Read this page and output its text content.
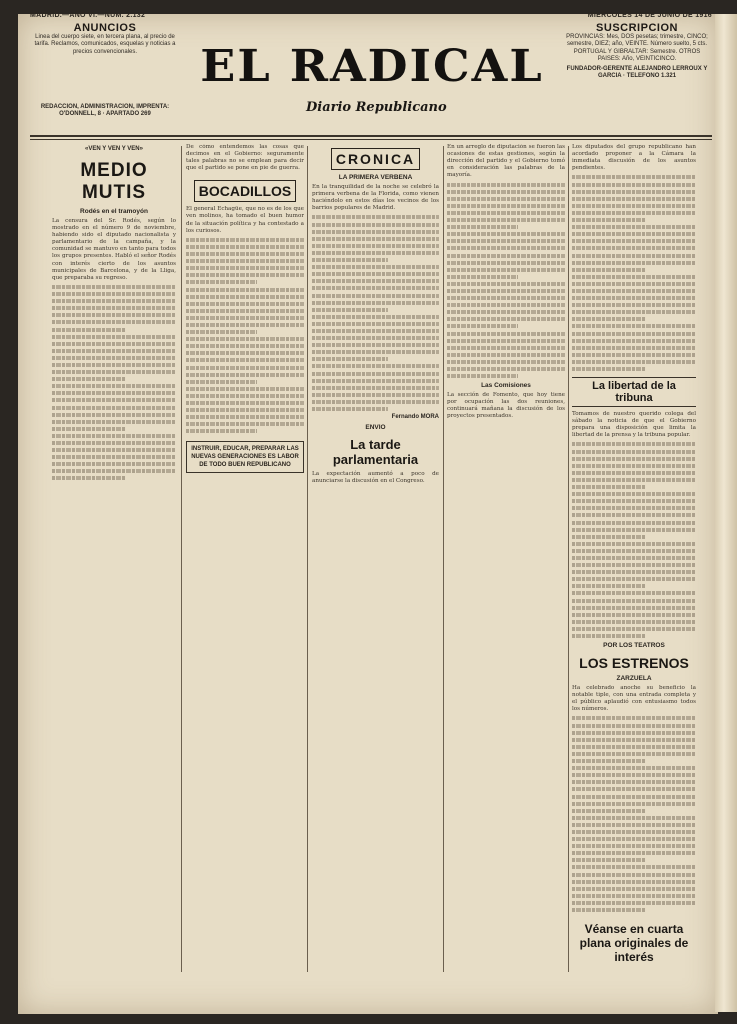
MADRID.—AÑO VI.—NUM. 2.132	MIERCOLES 14 DE JUNIO DE 1916
ANUNCIOS
Linea del cuerpo siete, en tercera plana, al precio de tarifa. Reclamos, comunicados, esquelas y noticias a precios convencionales.	EL RADICAL
Diario Republicano
REDACCION, ADMINISTRACION, IMPRENTA: O'DONNELL, 8 · APARTADO 269
SUSCRIPCION
PROVINCIAS: Mes, DOS pesetas; trimestre, CINCO; semestre, DIEZ; año, VEINTE. Número suelto, 5 cts. PORTUGAL Y GIBRALTAR: Semestre. OTROS PAISES: Año, VEINTICINCO.
FUNDADOR-GERENTE ALEJANDRO LERROUX Y GARCIA · TELEFONO 1.321
«VEN Y VEN Y VEN»
MEDIO MUTIS
Rodés en el tramoyón
La censura del Sr. Rodés, según lo mostrado en el número 9 de noviembre, habiendo sido el diputado nacionalista y parlamentario de la campaña, y la comunidad se mantuvo en tanto para todos los grupos presentes. Habló el señor Rodés con interés cierto de los asuntos municipales de Barcelona, y de la Lliga, que preparaba su regreso.
De cómo entendemos las cosas que decimos en el Gobierno: seguramente tales palabras no se emplean para decir que el partido se pone en pie de guerra.
BOCADILLOS
El general Echagüe, que no es de los que ven molinos, ha tomado el buen humor de la situación política y ha contestado a los curiosos.
INSTRUIR, EDUCAR, PREPARAR LAS NUEVAS GENERACIONES ES LABOR DE TODO BUEN REPUBLICANO
CRONICA
LA PRIMERA VERBENA
En la tranquilidad de la noche se celebró la primera verbena de la Florida, como vienen haciéndolo en estos días los vecinos de los barrios populares de Madrid.
Fernando MORA
ENVIO
La tarde parlamentaria
La expectación aumentó a poco de anunciarse la discusión en el Congreso.
En un arreglo de diputación se fueron las ocasiones de estas gestiones, según la dirección del partido y el Gobierno tomó en consideración las palabras de la mayoría.
Las Comisiones
La sección de Fomento, que hoy tiene por ocupación las dos reuniones, continuará mañana la discusión de los proyectos presentados.
Los diputados del grupo republicano han acordado proponer a la Cámara la inmediata discusión de los asuntos pendientes.
La libertad de la tribuna
Tomamos de nuestro querido colega del sábado la noticia de que el Gobierno prepara una disposición que limita la libertad de la prensa y la tribuna popular.
POR LOS TEATROS
LOS ESTRENOS
ZARZUELA
Ha celebrado anoche su beneficio la notable tiple, con una entrada completa y el público aplaudió con entusiasmo todos los números.
Véanse en cuarta plana originales de interés
